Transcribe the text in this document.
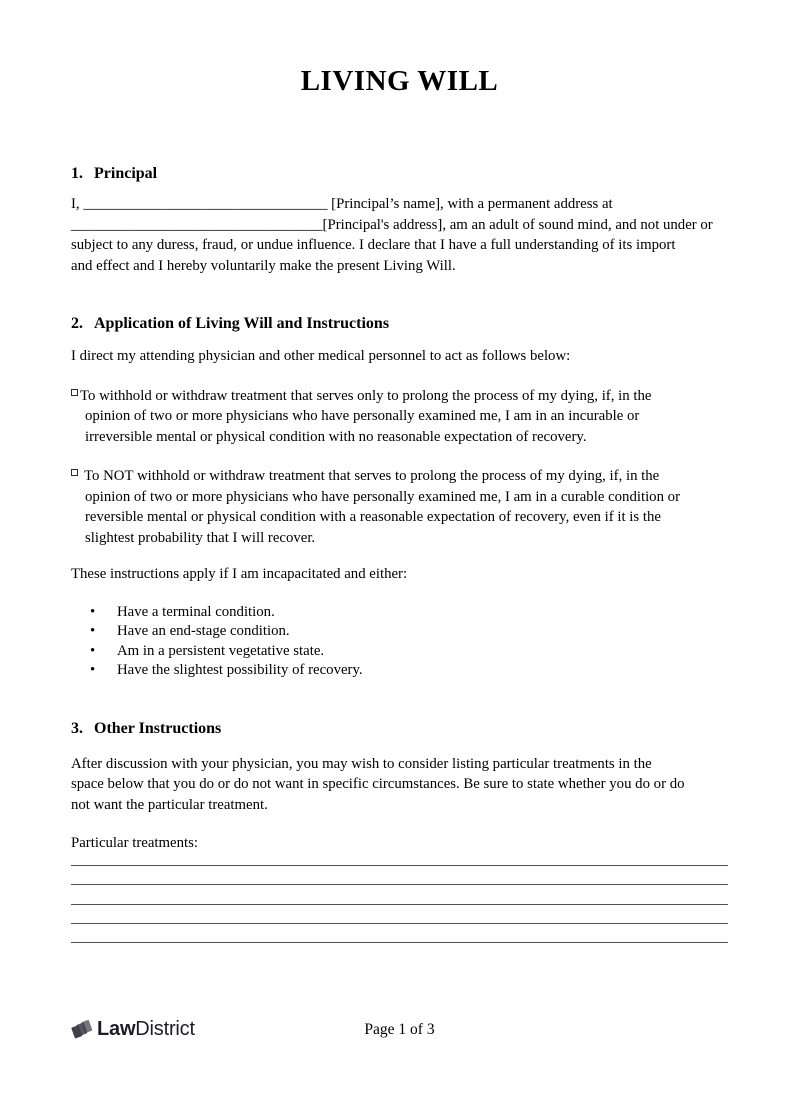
LIVING WILL
1. Principal
I, _________________________________ [Principal’s name], with a permanent address at
__________________________________[Principal's address], am an adult of sound mind, and not under or
subject to any duress, fraud, or undue influence. I declare that I have a full understanding of its import
and effect and I hereby voluntarily make the present Living Will.
2. Application of Living Will and Instructions
I direct my attending physician and other medical personnel to act as follows below:
To withhold or withdraw treatment that serves only to prolong the process of my dying, if, in the
opinion of two or more physicians who have personally examined me, I am in an incurable or
irreversible mental or physical condition with no reasonable expectation of recovery.
To NOT withhold or withdraw treatment that serves to prolong the process of my dying, if, in the
opinion of two or more physicians who have personally examined me, I am in a curable condition or
reversible mental or physical condition with a reasonable expectation of recovery, even if it is the
slightest probability that I will recover.
These instructions apply if I am incapacitated and either:
•	Have a terminal condition.
•	Have an end-stage condition.
•	Am in a persistent vegetative state.
•	Have the slightest possibility of recovery.
3. Other Instructions
After discussion with your physician, you may wish to consider listing particular treatments in the
space below that you do or do not want in specific circumstances. Be sure to state whether you do or do
not want the particular treatment.
Particular treatments:
LawDistrict	Page 1 of 3
